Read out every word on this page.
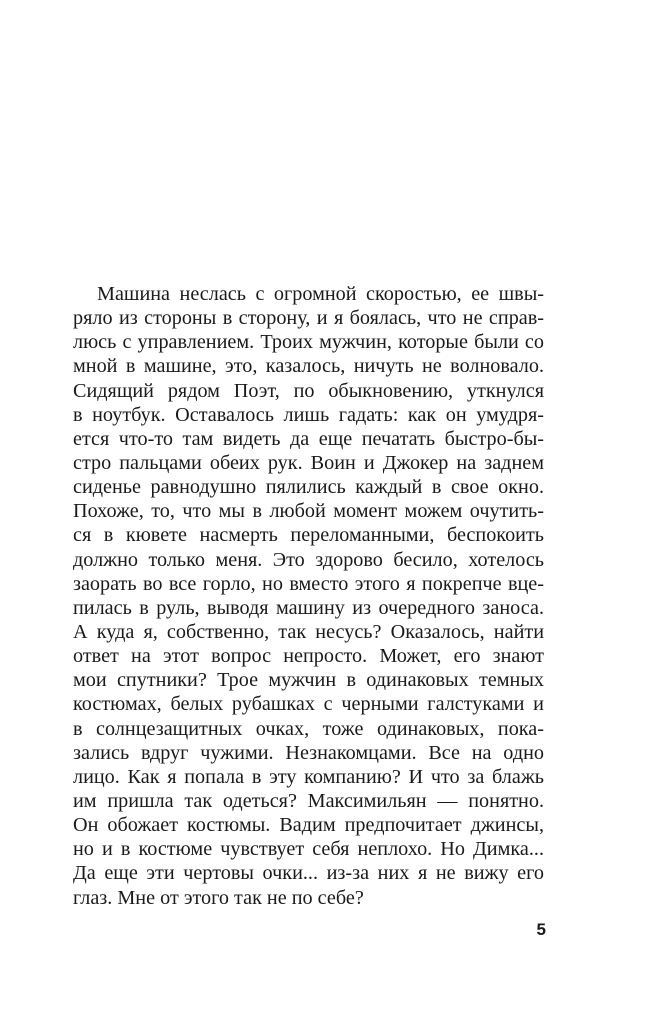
Машина неслась с огромной скоростью, ее швы-
ряло из стороны в сторону, и я боялась, что не справ-
люсь с управлением. Троих мужчин, которые были со
мной в машине, это, казалось, ничуть не волновало.
Сидящий рядом Поэт, по обыкновению, уткнулся
в ноутбук. Оставалось лишь гадать: как он умудря-
ется что-то там видеть да еще печатать быстро-бы-
стро пальцами обеих рук. Воин и Джокер на заднем
сиденье равнодушно пялились каждый в свое окно.
Похоже, то, что мы в любой момент можем очутить-
ся в кювете насмерть переломанными, беспокоить
должно только меня. Это здорово бесило, хотелось
заорать во все горло, но вместо этого я покрепче вце-
пилась в руль, выводя машину из очередного заноса.
А куда я, собственно, так несусь? Оказалось, найти
ответ на этот вопрос непросто. Может, его знают
мои спутники? Трое мужчин в одинаковых темных
костюмах, белых рубашках с черными галстуками и
в солнцезащитных очках, тоже одинаковых, пока-
зались вдруг чужими. Незнакомцами. Все на одно
лицо. Как я попала в эту компанию? И что за блажь
им пришла так одеться? Максимильян — понятно.
Он обожает костюмы. Вадим предпочитает джинсы,
но и в костюме чувствует себя неплохо. Но Димка...
Да еще эти чертовы очки... из-за них я не вижу его
глаз. Мне от этого так не по себе?
5
